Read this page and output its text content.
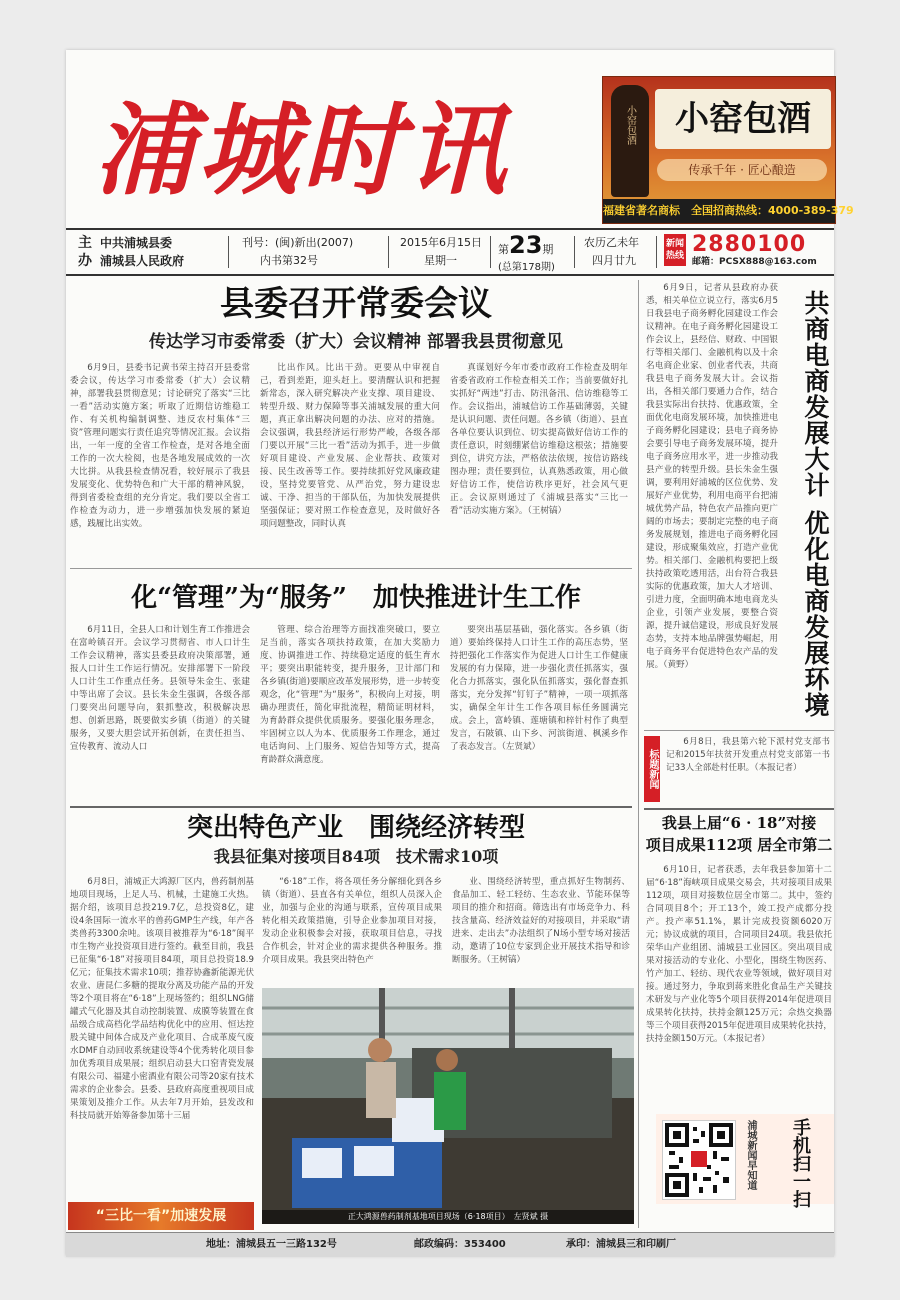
浦城时讯	小窑包酒	小窑包酒
传承千年 · 匠心酿造
福建省著名商标　全国招商热线：4000-389-379
主
办
中共浦城县委
浦城县人民政府
刊号：(闽)新出(2007)
内书第32号
2015年6月15日
星期一
第23期
(总第178期)
农历乙未年
四月廿九
新闻热线 2880100
邮箱：PCSX888@163.com
县委召开常委会议
传达学习市委常委（扩大）会议精神 部署我县贯彻意见

6月9日，县委书记黄书荣主持召开县委常委会议，传达学习市委常委（扩大）会议精神，部署我县贯彻意见；讨论研究了落实“三比一看”活动实施方案；听取了近期信访维稳工作、有关机构编制调整、违反农村集体“三资”管理问题实行责任追究等情况汇报。会议指出，一年一度的全省工作检查，是对各地全面工作的一次大检阅，也是各地发展成效的一次大比拼。从我县检查情况看，较好展示了我县发展变化、优势特色和广大干部的精神风貌，得到省委检查组的充分肯定。我们要以全省工作检查为动力，进一步增强加快发展的紧迫感，践履比出实效。

比出作风。比出干劲。更要从中审视自己，看到差距，迎头赶上。要清醒认识和把握新常态，深入研究解决产业支撑、项目建设、转型升级、财力保障等事关浦城发展的重大问题，真正拿出解决问题的办法、应对的措施。会议强调，我县经济运行形势严峻，各级各部门要以开展“三比一看”活动为抓手，进一步做好项目建设、产业发展、企业帮扶、政策对接、民生改善等工作。要持续抓好党风廉政建设，坚持党要管党、从严治党，努力建设忠诚、干净、担当的干部队伍，为加快发展提供坚强保证；要对照工作检查意见，及时做好各项问题整改，同时认真

真谋划好今年市委市政府工作检查及明年省委省政府工作检查相关工作；当前要做好扎实抓好“两违”打击、防汛备汛、信访维稳等工作。会议指出，浦城信访工作基础薄弱，关键是认识问题、责任问题。各乡镇（街道）、县直各单位要认识到位、切实提高做好信访工作的责任意识，时刻绷紧信访维稳这根弦；措施要到位，讲究方法，严格依法依规，按信访路线图办理；责任要到位，认真熟悉政策，用心做好信访工作，使信访秩序更好，社会风气更正。会议原则通过了《浦城县落实“三比一看”活动实施方案》。（王树镐）

化“管理”为“服务”　加快推进计生工作

6月11日，全县人口和计划生育工作推进会在富岭镇召开。会议学习贯彻省、市人口计生工作会议精神，落实县委县政府决策部署，通报人口计生工作运行情况。安排部署下一阶段人口计生工作重点任务。县领导朱金生、张建中等出席了会议。县长朱金生强调，各级各部门要突出问题导向，狠抓整改，积极解决思想、创新思路，既要做实乡镇（街道）的关键服务，又要大胆尝试开拓创新，在责任担当、宣传教育、流动人口

管理、综合治理等方面找准突破口，要立足当前，落实各项扶持政策，在加大奖励力度、协调推进工作、持续稳定适度的低生育水平；要突出职能转变，提升服务，卫计部门和各乡镇(街道)要顺应改革发展形势，进一步转变观念，化“管理”为“服务”，积极向上对接，明确办理责任，简化审批流程，精简证明材料，为育龄群众提供优质服务。要强化服务理念，牢固树立以人为本、优质服务工作理念，通过电话询问、上门服务、短信告知等方式，提高育龄群众满意度。

要突出基层基础，强化落实。各乡镇（街道）要始终保持人口计生工作的高压态势，坚持把强化工作落实作为促进人口计生工作健康发展的有力保障，进一步强化责任抓落实，强化合力抓落实，强化队伍抓落实，强化督查抓落实，充分发挥“钉钉子”精神，一项一项抓落实，确保全年计生工作各项目标任务圆满完成。会上，富岭镇、莲塘镇和梓针村作了典型发言，石陂镇、山下乡、河滨街道、枫溪乡作了表态发言。（左贤斌）

突出特色产业　围绕经济转型
我县征集对接项目84项　技术需求10项

6月8日，浦城正大鸿源厂区内，兽药制剂基地项目现场，上足人马、机械，土建施工火热。据介绍，该项目总投219.7亿，总投资8亿，建设4条国际一流水平的兽药GMP生产线，年产各类兽药3300余吨。该项目被推荐为“6·18”闽平市生物产业投资项目进行签约。截至目前，我县已征集“6·18”对接项目84项，项目总投资18.9亿元；征集技术需求10项；推荐协鑫新能源光伏农业、唐昆仁多糖的提取分离及功能产品的开发等2个项目将在“6·18”上现场签约；组织LNG储罐式气化器及其自动控制装置、成膜等装置在食品级合成高档化学品结构优化中的应用、恒达控股关键中间体合成及产业化项目、合成革废气废水DMF自动回收系统建设等4个优秀转化项目参加优秀项目成果展；组织启动县大口窑青瓷发展有限公司、福建小密酒业有限公司等20家有技术需求的企业参会。县委、县政府高度重视项目成果策划及推介工作。从去年7月开始，县发改和科技局就开始筹备参加第十三届

“6·18”工作，将各项任务分解细化到各乡镇（街道）、县直各有关单位，组织人员深入企业，加强与企业的沟通与联系，宣传项目成果转化相关政策措施，引导企业参加项目对接，发动企业积极参会对接，获取项目信息，寻找合作机会，针对企业的需求提供各种服务。推介项目成果。我县突出特色产

业、围绕经济转型，重点抓好生物制药、食品加工、轻工轻纺、生态农业、节能环保等项目的推介和招商。筛选出有市场竞争力、科技含量高、经济效益好的对接项目，并采取“请进来、走出去”办法组织了N场小型专场对接活动，邀请了10位专家到企业开展技术指导和诊断服务。（王树镐）

正大鸿源兽药制剂基地项目现场（6·18项目）　左贤斌 摄

6月9日，记者从县政府办获悉，相关单位立说立行，落实6月5日我县电子商务孵化园建设工作会议精神。在电子商务孵化园建设工作会议上，县经信、财政、中国银行等相关部门、金融机构以及十余名电商企业家、创业者代表，共商我县电子商务发展大计。会议指出，各相关部门要通力合作，结合我县实际出台扶持、优惠政策，全面优化电商发展环境，加快推进电子商务孵化园建设；县电子商务协会要引导电子商务发展环境，提升电子商务应用水平，进一步推动我县产业的转型升级。县长朱金生强调，要利用好浦城的区位优势、发展好产业优势，利用电商平台把浦城优势产品，特色农产品推向更广阔的市场去；要制定完整的电子商务发展规划，推进电子商务孵化园建设，形成聚集效应，打造产业优势。相关部门、金融机构要把上级扶持政策吃透用活，出台符合我县实际的优惠政策，加大人才培训、引进力度，全面明确本地电商龙头企业，引领产业发展，要整合资源，提升诚信建设，形成良好发展态势，支持本地品牌强势崛起，用电子商务平台促进特色农产品的发展。（黄野）

共商电商发展大计
优化电商发展环境
标题新闻

6月8日，我县第六轮下派村党支部书记和2015年扶贫开发重点村党支部第一书记33人全部赴村任职。（本报记者）

我县上届“6 · 18”对接
项目成果112项 居全市第二

6月10日，记者获悉，去年我县参加第十二届“6·18”海峡项目成果交易会，共对接项目成果112项，项目对接数位居全市第二。其中，签约合同项目8个；开工13个，竣工投产成都分投产。投产率51.1%，累计完成投资额6020万元；协议成就的项目，合同项目24项。我县依托荣华山产业组团、浦城县工业园区。突出项目成果对接活动的专业化、小型化，围绕生物医药、竹产加工、轻纺、现代农业等领域，做好项目对接。通过努力，争取到蒋来胜化食品生产关键技术研发与产业化等5个项目获得2014年促进项目成果转化扶持，扶持金额125万元；佘热交换器等三个项目获得2015年促进项目成果转化扶持，扶持金额150万元。（本报记者）

浦城新闻早知道 手机扫一扫
“三比一看”加速发展
地址：浦城县五一三路132号	邮政编码：353400	承印：浦城县三和印刷厂
